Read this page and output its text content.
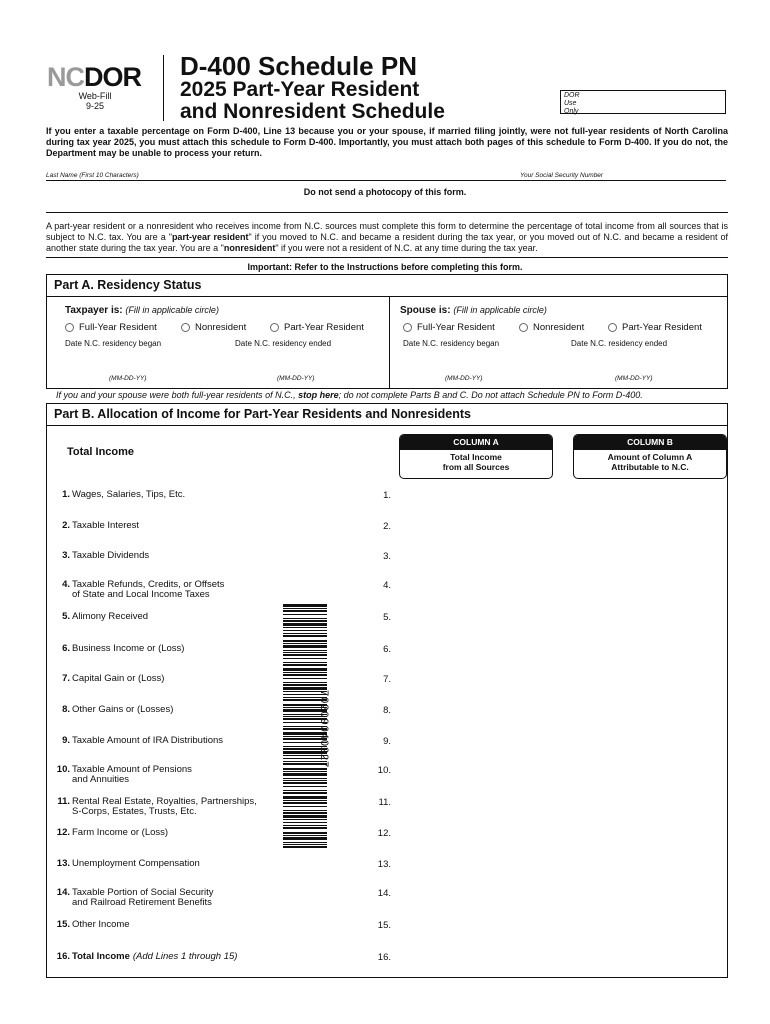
NCDOR
Web-Fill
9-25
D-400 Schedule PN
2025 Part-Year Resident
and Nonresident Schedule
DOR
Use
Only
If you enter a taxable percentage on Form D-400, Line 13 because you or your spouse, if married filing jointly, were not full-year residents of North Carolina during tax year 2025, you must attach this schedule to Form D-400. Importantly, you must attach both pages of this schedule to Form D-400. If you do not, the Department may be unable to process your return.
Last Name (First 10 Characters)	Your Social Security Number
Do not send a photocopy of this form.
A part-year resident or a nonresident who receives income from N.C. sources must complete this form to determine the percentage of total income from all sources that is subject to N.C. tax. You are a "part-year resident" if you moved to N.C. and became a resident during the tax year, or you moved out of N.C. and became a resident of another state during the tax year. You are a "nonresident" if you were not a resident of N.C. at any time during the tax year.
Important: Refer to the Instructions before completing this form.
Part A. Residency Status
Taxpayer is: (Fill in applicable circle)
Full-Year Resident	Nonresident	Part-Year Resident
Date N.C. residency began	Date N.C. residency ended
(MM-DD-YY)	(MM-DD-YY)
Spouse is: (Fill in applicable circle)
Full-Year Resident	Nonresident	Part-Year Resident
Date N.C. residency began	Date N.C. residency ended
(MM-DD-YY)	(MM-DD-YY)
If you and your spouse were both full-year residents of N.C., stop here; do not complete Parts B and C. Do not attach Schedule PN to Form D-400.
Part B. Allocation of Income for Part-Year Residents and Nonresidents
Total Income
COLUMN A
Total Income
from all Sources
COLUMN B
Amount of Column A
Attributable to N.C.
1. Wages, Salaries, Tips, Etc.	1.
2. Taxable Interest	2.
3. Taxable Dividends	3.
4. Taxable Refunds, Credits, or Offsets
of State and Local Income Taxes
4.
5. Alimony Received	5.
6. Business Income or (Loss)	6.
7. Capital Gain or (Loss)	7.
8. Other Gains or (Losses)	8.
9. Taxable Amount of IRA Distributions	9.
10. Taxable Amount of Pensions
and Annuities
10.
11. Rental Real Estate, Royalties, Partnerships,
S-Corps, Estates, Trusts, Etc.
11.
12. Farm Income or (Loss)	12.
13. Unemployment Compensation	13.
14. Taxable Portion of Social Security
and Railroad Retirement Benefits
14.
15. Other Income	15.
16. Total Income (Add Lines 1 through 15)	16.
70209040227
